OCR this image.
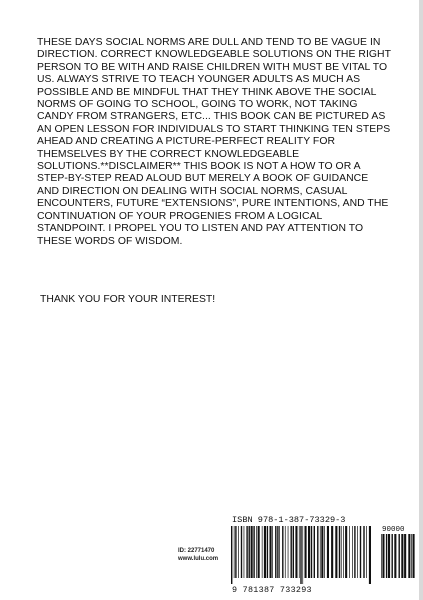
THESE DAYS SOCIAL NORMS ARE DULL AND TEND TO BE VAGUE IN DIRECTION. CORRECT KNOWLEDGEABLE SOLUTIONS ON THE RIGHT PERSON TO BE WITH AND RAISE CHILDREN WITH MUST BE VITAL TO US. ALWAYS STRIVE TO TEACH YOUNGER ADULTS AS MUCH AS POSSIBLE AND BE MINDFUL THAT THEY THINK ABOVE THE SOCIAL NORMS OF GOING TO SCHOOL, GOING TO WORK, NOT TAKING CANDY FROM STRANGERS, ETC... THIS BOOK CAN BE PICTURED AS AN OPEN LESSON FOR INDIVIDUALS TO START THINKING TEN STEPS AHEAD AND CREATING A PICTURE-PERFECT REALITY FOR THEMSELVES BY THE CORRECT KNOWLEDGEABLE SOLUTIONS.**DISCLAIMER** THIS BOOK IS NOT A HOW TO OR A STEP-BY-STEP READ ALOUD BUT MERELY A BOOK OF GUIDANCE AND DIRECTION ON DEALING WITH SOCIAL NORMS, CASUAL ENCOUNTERS, FUTURE “EXTENSIONS”, PURE INTENTIONS, AND THE CONTINUATION OF YOUR PROGENIES FROM A LOGICAL STANDPOINT. I PROPEL YOU TO LISTEN AND PAY ATTENTION TO THESE WORDS OF WISDOM.

THANK YOU FOR YOUR INTEREST!

ID: 22771470
www.lulu.com
ISBN 978-1-387-73329-3
90000
9 781387 733293
